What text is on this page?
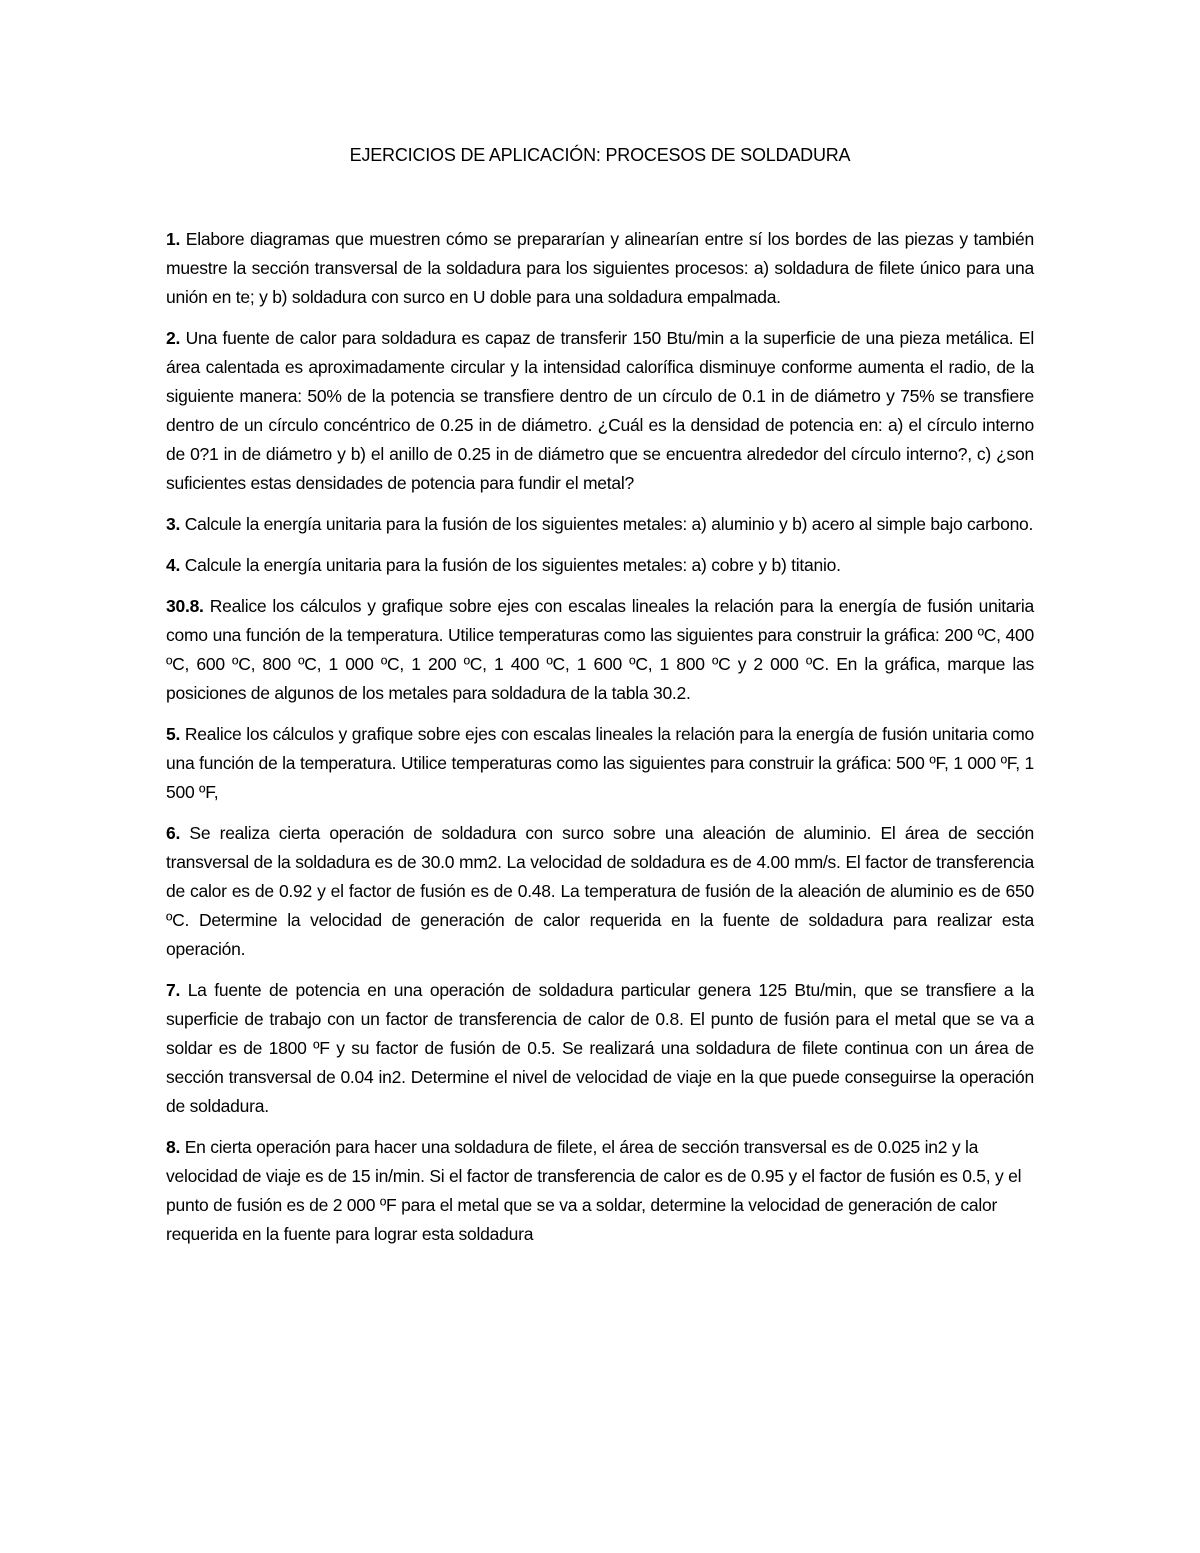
EJERCICIOS DE APLICACIÓN: PROCESOS DE SOLDADURA

1. Elabore diagramas que muestren cómo se prepararían y alinearían entre sí los bordes de las piezas y también muestre la sección transversal de la soldadura para los siguientes procesos: a) soldadura de filete único para una unión en te; y b) soldadura con surco en U doble para una soldadura empalmada.

2. Una fuente de calor para soldadura es capaz de transferir 150 Btu/min a la superficie de una pieza metálica. El área calentada es aproximadamente circular y la intensidad calorífica disminuye conforme aumenta el radio, de la siguiente manera: 50% de la potencia se transfiere dentro de un círculo de 0.1 in de diámetro y 75% se transfiere dentro de un círculo concéntrico de 0.25 in de diámetro. ¿Cuál es la densidad de potencia en: a) el círculo interno de 0?1 in de diámetro y b) el anillo de 0.25 in de diámetro que se encuentra alrededor del círculo interno?, c) ¿son suficientes estas densidades de potencia para fundir el metal?

3. Calcule la energía unitaria para la fusión de los siguientes metales: a) aluminio y b) acero al simple bajo carbono.

4. Calcule la energía unitaria para la fusión de los siguientes metales: a) cobre y b) titanio.

30.8. Realice los cálculos y grafique sobre ejes con escalas lineales la relación para la energía de fusión unitaria como una función de la temperatura. Utilice temperaturas como las siguientes para construir la gráfica: 200 ºC, 400 ºC, 600 ºC, 800 ºC, 1 000 ºC, 1 200 ºC, 1 400 ºC, 1 600 ºC, 1 800 ºC y 2 000 ºC. En la gráfica, marque las posiciones de algunos de los metales para soldadura de la tabla 30.2.

5. Realice los cálculos y grafique sobre ejes con escalas lineales la relación para la energía de fusión unitaria como una función de la temperatura. Utilice temperaturas como las siguientes para construir la gráfica: 500 ºF, 1 000 ºF, 1 500 ºF,

6. Se realiza cierta operación de soldadura con surco sobre una aleación de aluminio. El área de sección transversal de la soldadura es de 30.0 mm2. La velocidad de soldadura es de 4.00 mm/s. El factor de transferencia de calor es de 0.92 y el factor de fusión es de 0.48. La temperatura de fusión de la aleación de aluminio es de 650 ºC. Determine la velocidad de generación de calor requerida en la fuente de soldadura para realizar esta operación.

7. La fuente de potencia en una operación de soldadura particular genera 125 Btu/min, que se transfiere a la superficie de trabajo con un factor de transferencia de calor de 0.8. El punto de fusión para el metal que se va a soldar es de 1800 ºF y su factor de fusión de 0.5. Se realizará una soldadura de filete continua con un área de sección transversal de 0.04 in2. Determine el nivel de velocidad de viaje en la que puede conseguirse la operación de soldadura.

8. En cierta operación para hacer una soldadura de filete, el área de sección transversal es de 0.025 in2 y la velocidad de viaje es de 15 in/min. Si el factor de transferencia de calor es de 0.95 y el factor de fusión es 0.5, y el punto de fusión es de 2 000 ºF para el metal que se va a soldar, determine la velocidad de generación de calor requerida en la fuente para lograr esta soldadura
